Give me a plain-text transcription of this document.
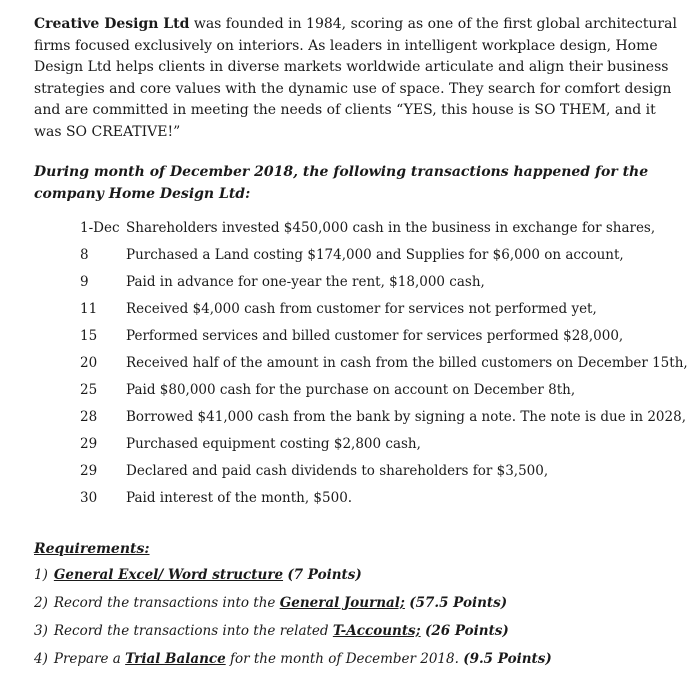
Creative Design Ltd was founded in 1984, scoring as one of the first global architectural firms focused exclusively on interiors. As leaders in intelligent workplace design, Home Design Ltd helps clients in diverse markets worldwide articulate and align their business strategies and core values with the dynamic use of space. They search for comfort design and are committed in meeting the needs of clients “YES, this house is SO THEM, and it was SO CREATIVE!”

During month of December 2018, the following transactions happened for the company Home Design Ltd:

1-Dec Shareholders invested $450,000 cash in the business in exchange for shares,
8	Purchased a Land costing $174,000 and Supplies for $6,000 on account,
9	Paid in advance for one-year the rent, $18,000 cash,
11	Received $4,000 cash from customer for services not performed yet,
15	Performed services and billed customer for services performed $28,000,
20	Received half of the amount in cash from the billed customers on December 15th,
25	Paid $80,000 cash for the purchase on account on December 8th,
28	Borrowed $41,000 cash from the bank by signing a note. The note is due in 2028,
29	Purchased equipment costing $2,800 cash,
29	Declared and paid cash dividends to shareholders for $3,500,
30	Paid interest of the month, $500.
Requirements:
1) General Excel/ Word structure (7 Points)
2) Record the transactions into the General Journal; (57.5 Points)
3) Record the transactions into the related T-Accounts; (26 Points)
4) Prepare a Trial Balance for the month of December 2018. (9.5 Points)
